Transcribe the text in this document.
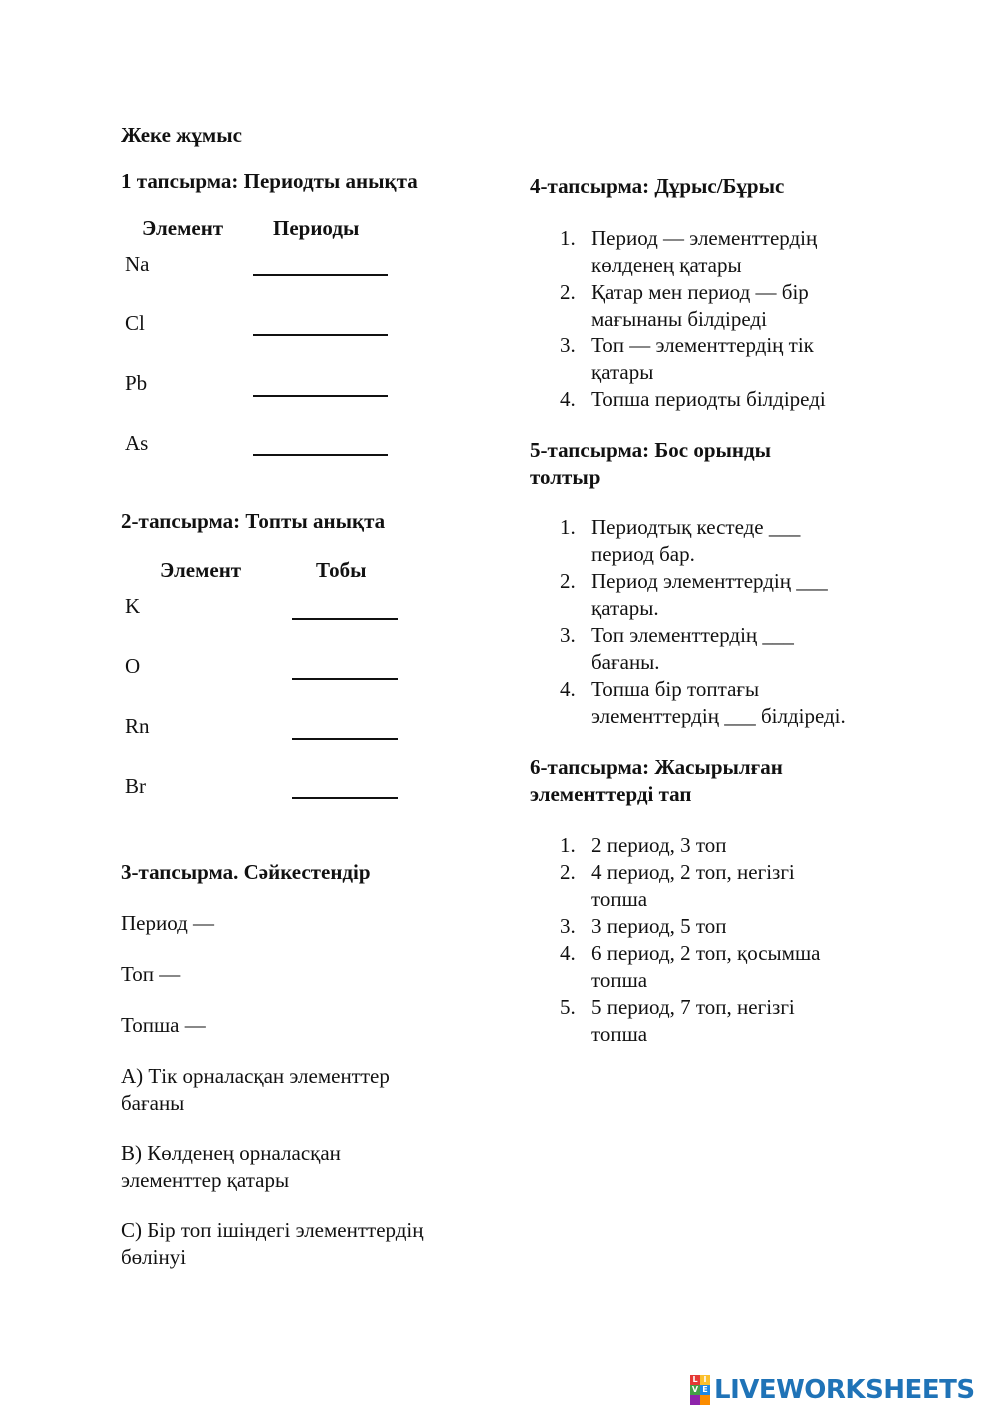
Жеке жұмыс
1 тапсырма: Периодты анықта
Элемент Периоды
Na
Cl
Pb
As
2-тапсырма: Топты анықта
Элемент	Тобы
K
O
Rn
Br
3-тапсырма. Сәйкестендір
Период —
Топ —
Топша —
A) Тік орналасқан элементтер
бағаны
B) Көлденең орналасқан
элементтер қатары
C) Бір топ ішіндегі элементтердің
бөлінуі
4-тапсырма: Дұрыс/Бұрыс
1. Период — элементтердің
көлденең қатары
2. Қатар мен период — бір
мағынаны білдіреді
3. Топ — элементтердің тік
қатары
4. Топша периодты білдіреді
5-тапсырма: Бос орынды
толтыр
1. Периодтық кестеде ___
период бар.
2. Период элементтердің ___
қатары.
3. Топ элементтердің ___
бағаны.
4. Топша бір топтағы
элементтердің ___ білдіреді.
6-тапсырма: Жасырылған
элементтерді тап
1. 2 период, 3 топ
2. 4 период, 2 топ, негізгі
топша
3. 3 период, 5 топ
4. 6 период, 2 топ, қосымша
топша
5. 5 период, 7 топ, негізгі
топша
L I
V E LIVEWORKSHEETS
